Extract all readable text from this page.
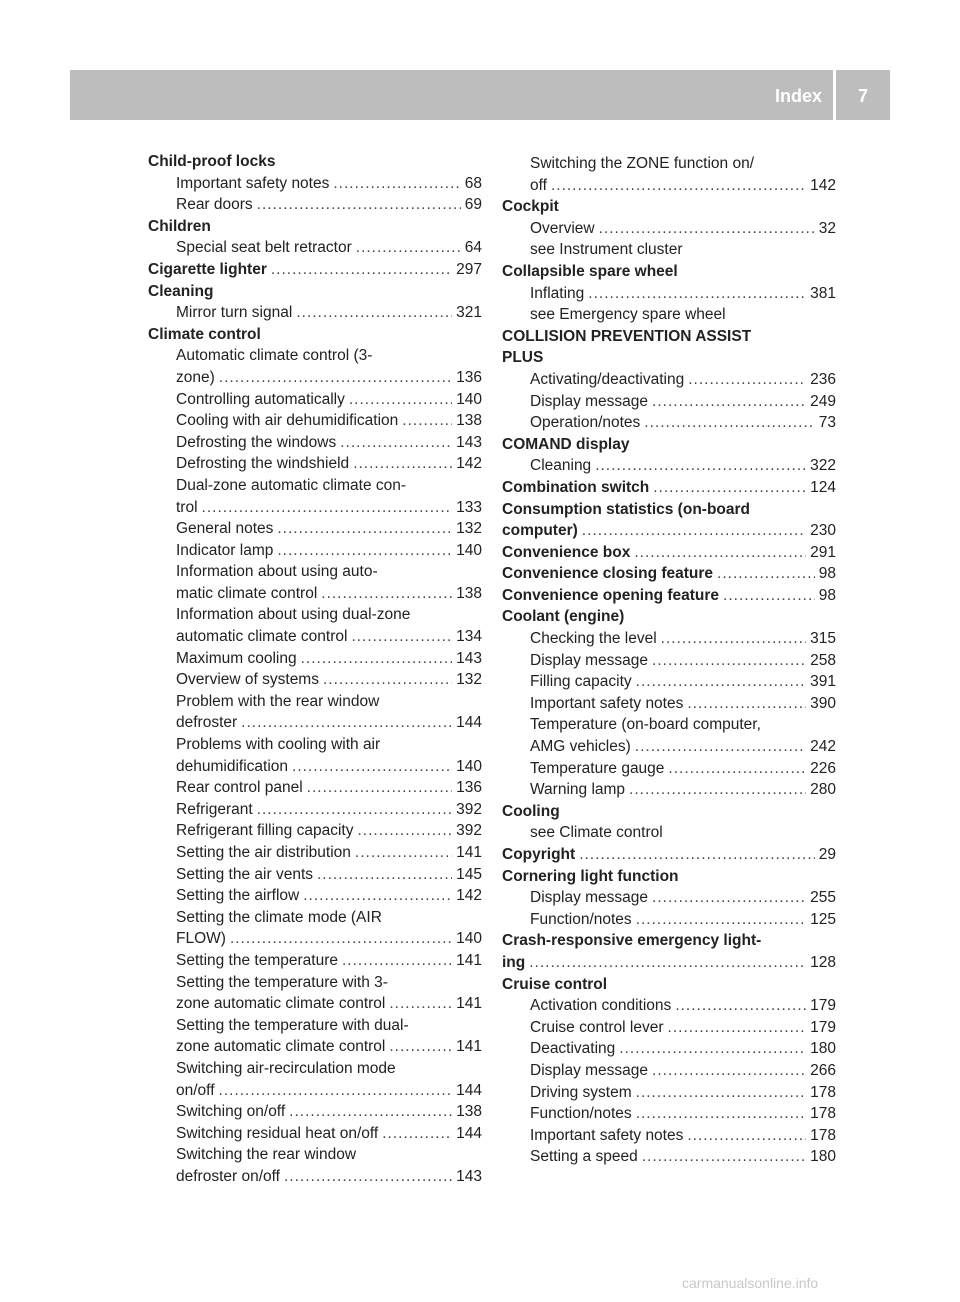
Index	7
Child-proof locks
Important safety notes .....	68
Rear doors .....	69
Children
Special seat belt retractor .....	64
Cigarette lighter .....	297
Cleaning
Mirror turn signal .....	321
Climate control
Automatic climate control (3-
zone) .....	136
Controlling automatically .....	140
Cooling with air dehumidification .....	138
Defrosting the windows .....	143
Defrosting the windshield .....	142
Dual-zone automatic climate con-
trol .....	133
General notes .....	132
Indicator lamp .....	140
Information about using auto-
matic climate control .....	138
Information about using dual-zone
automatic climate control .....	134
Maximum cooling .....	143
Overview of systems .....	132
Problem with the rear window
defroster .....	144
Problems with cooling with air
dehumidification .....	140
Rear control panel .....	136
Refrigerant .....	392
Refrigerant filling capacity .....	392
Setting the air distribution .....	141
Setting the air vents .....	145
Setting the airflow .....	142
Setting the climate mode (AIR
FLOW) .....	140
Setting the temperature .....	141
Setting the temperature with 3-
zone automatic climate control .....	141
Setting the temperature with dual-
zone automatic climate control .....	141
Switching air-recirculation mode
on/off .....	144
Switching on/off .....	138
Switching residual heat on/off .....	144
Switching the rear window
defroster on/off .....	143
Switching the ZONE function on/
off .....	142
Cockpit
Overview .....	32
see Instrument cluster
Collapsible spare wheel
Inflating .....	381
see Emergency spare wheel
COLLISION PREVENTION ASSIST
PLUS
Activating/deactivating .....	236
Display message .....	249
Operation/notes .....	73
COMAND display
Cleaning .....	322
Combination switch .....	124
Consumption statistics (on-board
computer) .....	230
Convenience box .....	291
Convenience closing feature .....	98
Convenience opening feature .....	98
Coolant (engine)
Checking the level .....	315
Display message .....	258
Filling capacity .....	391
Important safety notes .....	390
Temperature (on-board computer,
AMG vehicles) .....	242
Temperature gauge .....	226
Warning lamp .....	280
Cooling
see Climate control
Copyright .....	29
Cornering light function
Display message .....	255
Function/notes .....	125
Crash-responsive emergency light-
ing .....	128
Cruise control
Activation conditions .....	179
Cruise control lever .....	179
Deactivating .....	180
Display message .....	266
Driving system .....	178
Function/notes .....	178
Important safety notes .....	178
Setting a speed .....	180
carmanualsonline.info
